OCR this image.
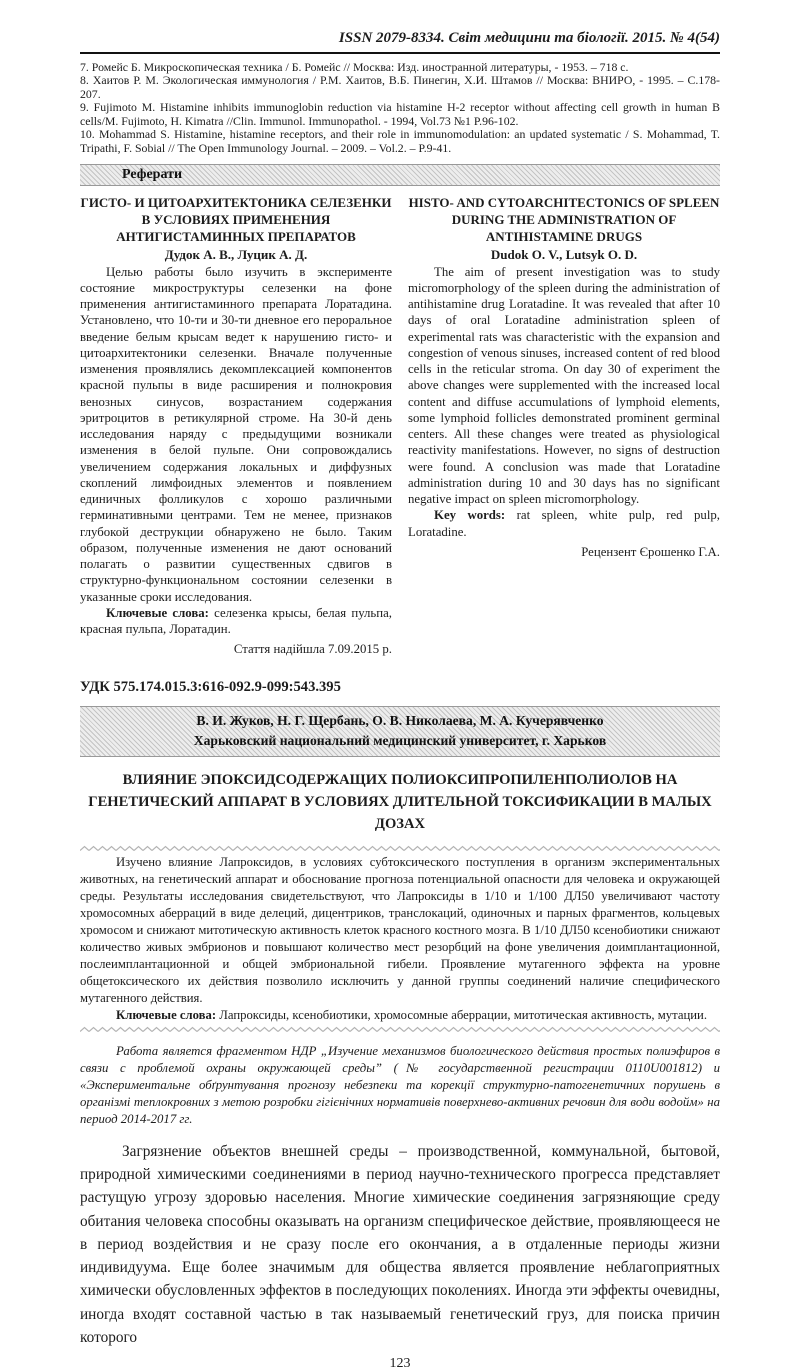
ISSN 2079-8334. Світ медицини та біології. 2015. № 4(54)

7. Ромейс Б. Микроскопическая техника / Б. Ромейс // Москва: Изд. иностранной литературы, - 1953. – 718 с.

8. Хаитов Р. М. Экологическая иммунология / Р.М. Хаитов, В.Б. Пинегин, Х.И. Штамов // Москва: ВНИРО, - 1995. – С.178-207.

9. Fujimoto M. Histamine inhibits immunoglobin reduction via histamine H-2 receptor without affecting cell growth in human B cells/M. Fujimoto, H. Kimatra //Clin. Immunol. Immunopathol. - 1994, Vol.73 №1 P.96-102.

10. Mohammad S. Histamine, histamine receptors, and their role in immunomodulation: an updated systematic / S. Mohammad, T. Tripathi, F. Sobial // The Open Immunology Journal. – 2009. – Vol.2. – P.9-41.

Реферати
ГИСТО- И ЦИТОАРХИТЕКТОНИКА СЕЛЕЗЕНКИ В УСЛОВИЯХ ПРИМЕНЕНИЯ АНТИГИСТАМИННЫХ ПРЕПАРАТОВ
Дудок А. В., Луцик А. Д.
Целью работы было изучить в эксперименте состояние микроструктуры селезенки на фоне применения антигистаминного препарата Лоратадина. Установлено, что 10-ти и 30-ти дневное его пероральное введение белым крысам ведет к нарушению гисто- и цитоархитектоники селезенки. Вначале полученные изменения проявлялись декомплексацией компонентов красной пульпы в виде расширения и полнокровия венозных синусов, возрастанием содержания эритроцитов в ретикулярной строме. На 30-й день исследования наряду с предыдущими возникали изменения в белой пульпе. Они сопровождались увеличением содержания локальных и диффузных скоплений лимфоидных элементов и появлением единичных фолликулов с хорошо различными герминативными центрами. Тем не менее, признаков глубокой деструкции обнаружено не было. Таким образом, полученные изменения не дают оснований полагать о развитии существенных сдвигов в структурно-функциональном состоянии селезенки в указанные сроки исследования.
Ключевые слова: селезенка крысы, белая пульпа, красная пульпа, Лоратадин.
Стаття надійшла 7.09.2015 р.
HISTO- AND CYTOARCHITECTONICS OF SPLEEN DURING THE ADMINISTRATION OF ANTIHISTAMINE DRUGS
Dudok O. V., Lutsyk O. D.
The aim of present investigation was to study micromorphology of the spleen during the administration of antihistamine drug Loratadine. It was revealed that after 10 days of oral Loratadine administration spleen of experimental rats was characteristic with the expansion and congestion of venous sinuses, increased content of red blood cells in the reticular stroma. On day 30 of experiment the above changes were supplemented with the increased local content and diffuse accumulations of lymphoid elements, some lymphoid follicles demonstrated prominent germinal centers. All these changes were treated as physiological reactivity manifestations. However, no signs of destruction were found. A conclusion was made that Loratadine administration during 10 and 30 days has no significant negative impact on spleen micromorphology.
Key words: rat spleen, white pulp, red pulp, Loratadine.
Рецензент Єрошенко Г.А.
УДК 575.174.015.3:616-092.9-099:543.395
В. И. Жуков, Н. Г. Щербань, О. В. Николаева, М. А. Кучерявченко
Харьковский национальний медицинский университет, г. Харьков
ВЛИЯНИЕ ЭПОКСИДСОДЕРЖАЩИХ ПОЛИОКСИПРОПИЛЕНПОЛИОЛОВ НА ГЕНЕТИЧЕСКИЙ АППАРАТ В УСЛОВИЯХ ДЛИТЕЛЬНОЙ ТОКСИФИКАЦИИ В МАЛЫХ ДОЗАХ
Изучено влияние Лапроксидов, в условиях субтоксического поступления в организм экспериментальных животных, на генетический аппарат и обоснование прогноза потенциальной опасности для человека и окружающей среды. Результаты исследования свидетельствуют, что Лапроксиды в 1/10 и 1/100 ДЛ50 увеличивают частоту хромосомных аберраций в виде делеций, дицентриков, транслокаций, одиночных и парных фрагментов, кольцевых хромосом и снижают митотическую активность клеток красного костного мозга. В 1/10 ДЛ50 ксенобиотики снижают количество живых эмбрионов и повышают количество мест резорбций на фоне увеличения доимплантационной, послеимплантационной и общей эмбриональной гибели. Проявление мутагенного эффекта на уровне общетоксического их действия позволило исключить у данной группы соединений наличие специфического мутагенного действия.
Ключевые слова: Лапроксиды, ксенобиотики, хромосомные аберрации, митотическая активность, мутации.
Работа является фрагментом НДР „Изучение механизмов биологического действия простых полиэфиров в связи с проблемой охраны окружающей среды” (№ государственной регистрации 0110U001812) и «Экспериментальне обґрунтування прогнозу небезпеки та корекції структурно-патогенетичних порушень в організмі теплокровних з метою розробки гігієнічних нормативів поверхнево-активних речовин для води водойм» на период 2014-2017 гг.
Загрязнение объектов внешней среды – производственной, коммунальной, бытовой, природной химическими соединениями в период научно-технического прогресса представляет растущую угрозу здоровью населения. Многие химические соединения загрязняющие среду обитания человека способны оказывать на организм специфическое действие, проявляющееся не в период воздействия и не сразу после его окончания, а в отдаленные периоды жизни индивидуума. Еще более значимым для общества является проявление неблагоприятных химически обусловленных эффектов в последующих поколениях. Иногда эти эффекты очевидны, иногда входят составной частью в так называемый генетический груз, для поиска причин которого
123
